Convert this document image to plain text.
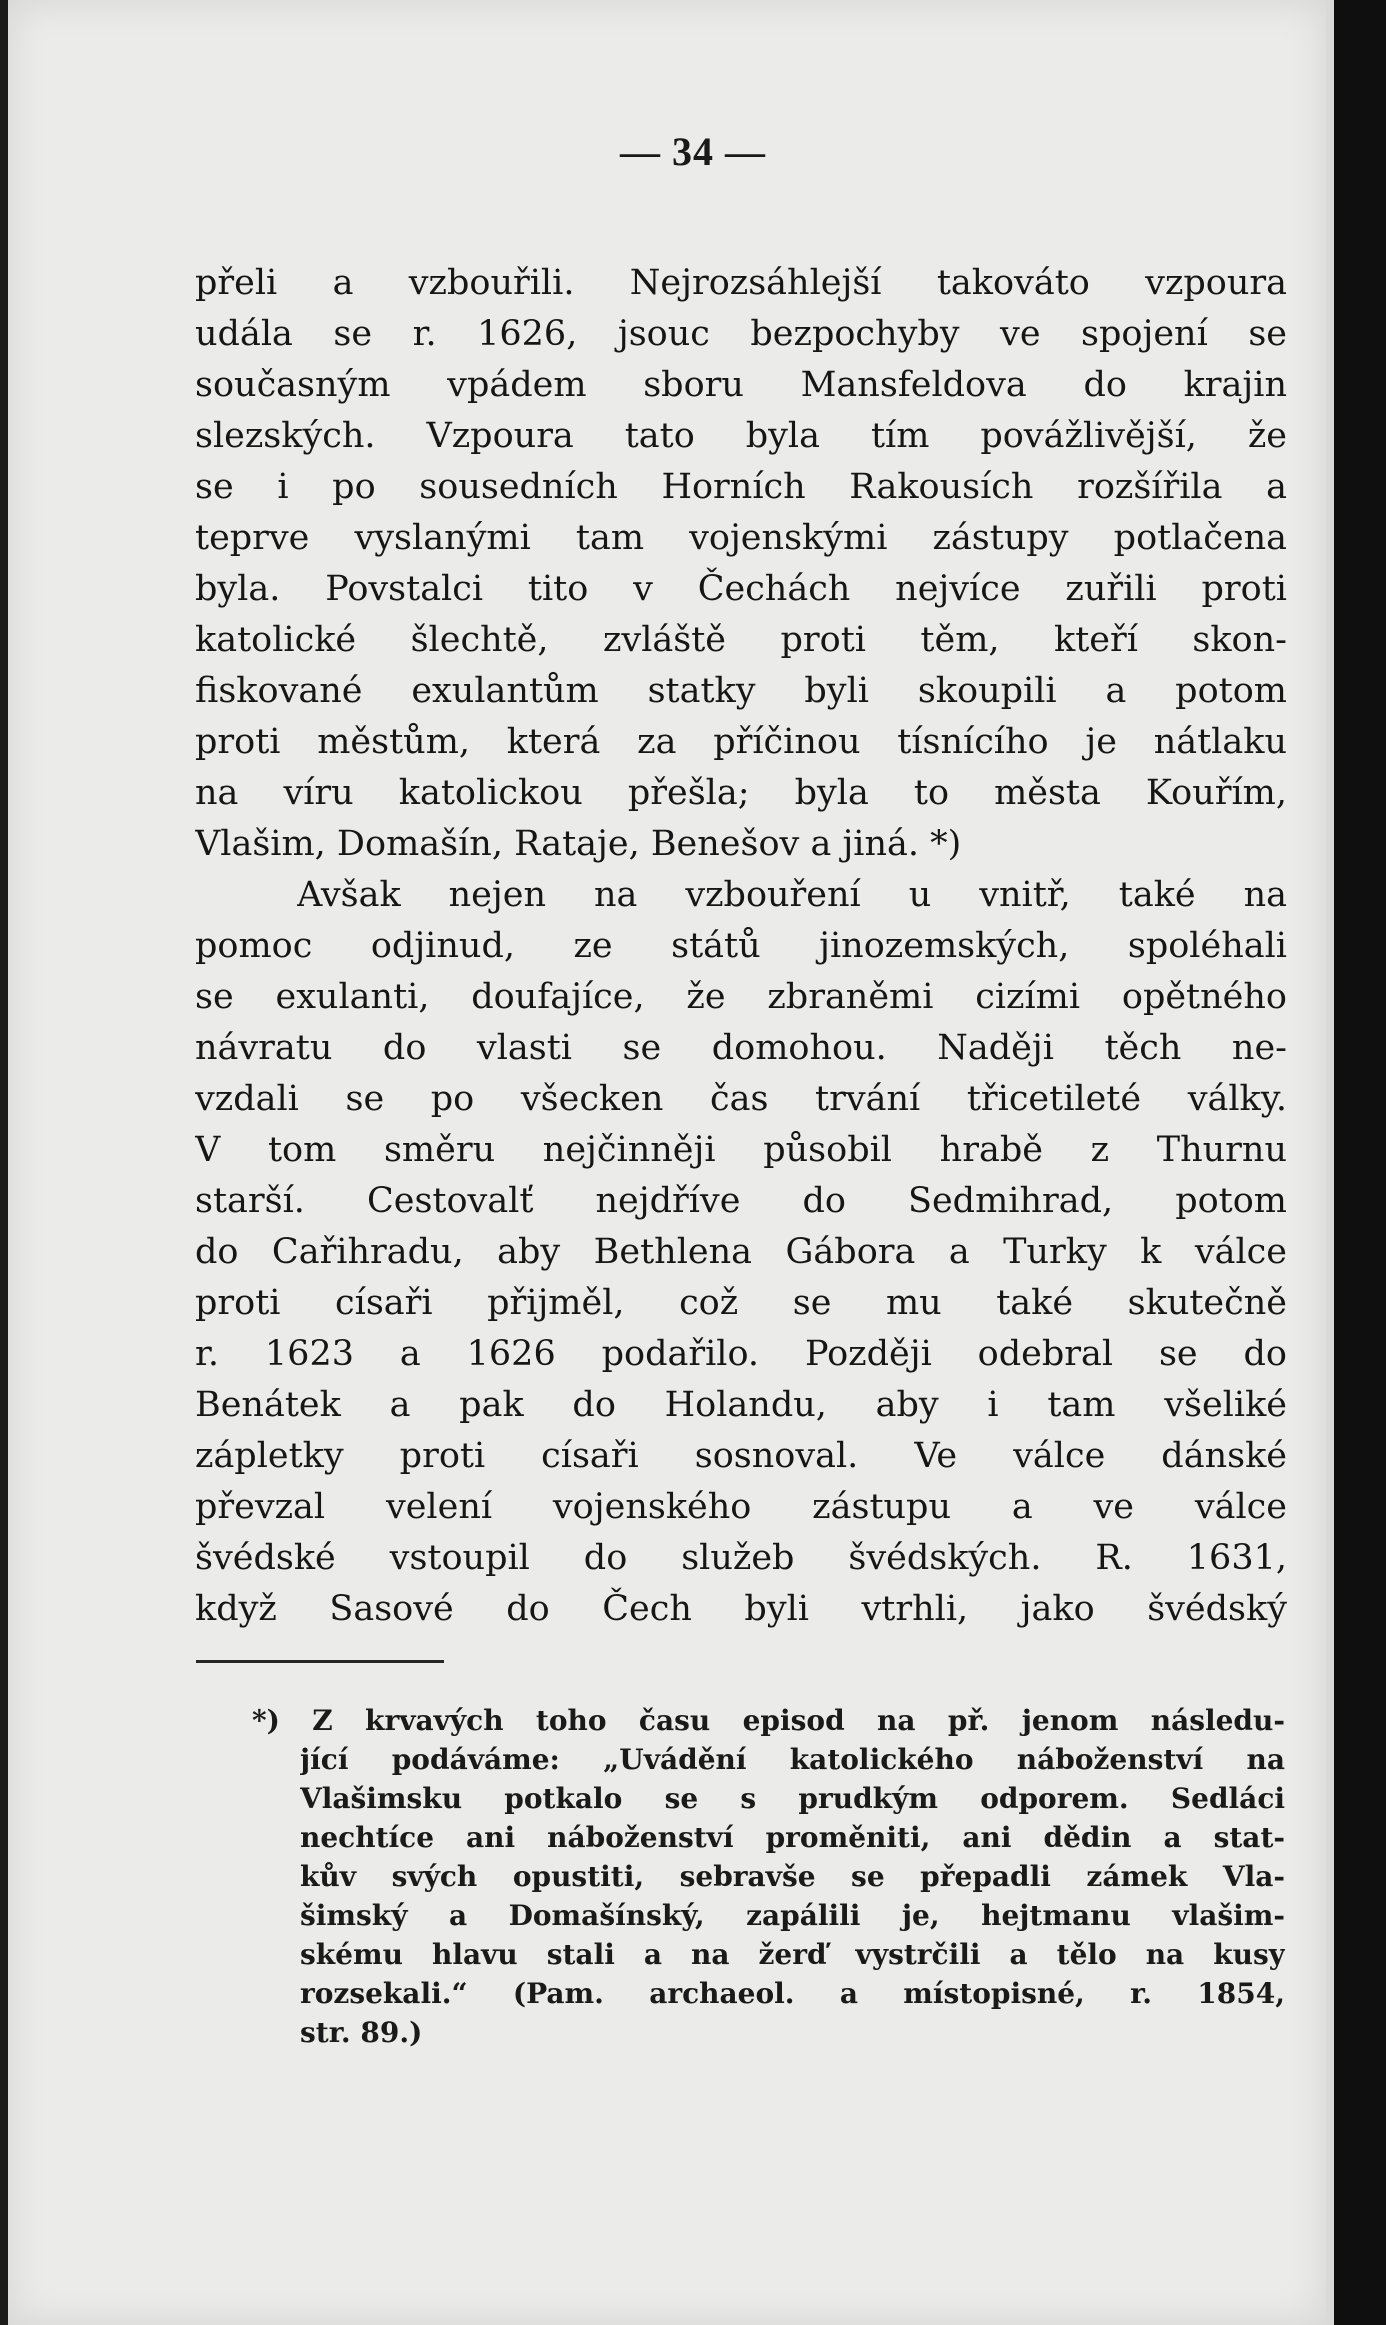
— 34 —
přeli a vzbouřili. Nejrozsáhlejší takováto vzpoura
udála se r. 1626, jsouc bezpochyby ve spojení se
současným vpádem sboru Mansfeldova do krajin
slezských. Vzpoura tato byla tím povážlivější, že
se i po sousedních Horních Rakousích rozšířila a
teprve vyslanými tam vojenskými zástupy potlačena
byla. Povstalci tito v Čechách nejvíce zuřili proti
katolické šlechtě, zvláště proti těm, kteří skon-
fiskované exulantům statky byli skoupili a potom
proti městům, která za příčinou tísnícího je nátlaku
na víru katolickou přešla; byla to města Kouřím,
Vlašim, Domašín, Rataje, Benešov a jiná. *)
Avšak nejen na vzbouření u vnitř, také na
pomoc odjinud, ze států jinozemských, spoléhali
se exulanti, doufajíce, že zbraněmi cizími opětného
návratu do vlasti se domohou. Naději těch ne-
vzdali se po všecken čas trvání třicetileté války.
V tom směru nejčinněji působil hrabě z Thurnu
starší. Cestovalť nejdříve do Sedmihrad, potom
do Cařihradu, aby Bethlena Gábora a Turky k válce
proti císaři přijměl, což se mu také skutečně
r. 1623 a 1626 podařilo. Později odebral se do
Benátek a pak do Holandu, aby i tam všeliké
zápletky proti císaři sosnoval. Ve válce dánské
převzal velení vojenského zástupu a ve válce
švédské vstoupil do služeb švédských. R. 1631,
když Sasové do Čech byli vtrhli, jako švédský
*) Z krvavých toho času episod na př. jenom následu-
jící podáváme: „Uvádění katolického náboženství na
Vlašimsku potkalo se s prudkým odporem. Sedláci
nechtíce ani náboženství proměniti, ani dědin a stat-
kův svých opustiti, sebravše se přepadli zámek Vla-
šimský a Domašínský, zapálili je, hejtmanu vlašim-
skému hlavu stali a na žerď vystrčili a tělo na kusy
rozsekali.“ (Pam. archaeol. a místopisné, r. 1854,
str. 89.)
